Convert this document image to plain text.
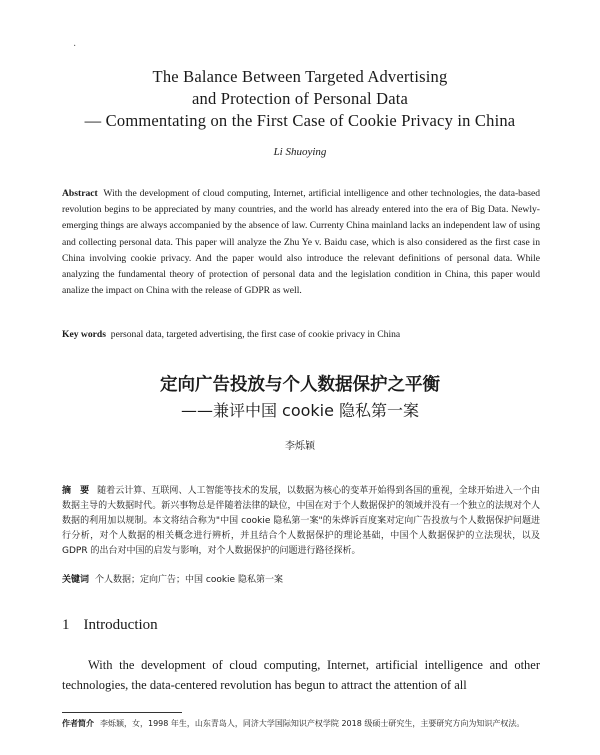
·
The Balance Between Targeted Advertising
and Protection of Personal Data
— Commentating on the First Case of Cookie Privacy in China
Li Shuoying
Abstract With the development of cloud computing, Internet, artificial intelligence and other technologies, the data-based revolution begins to be appreciated by many countries, and the world has already entered into the era of Big Data. Newly-emerging things are always accompanied by the absence of law. Currenty China mainland lacks an independent law of using and collecting personal data. This paper will analyze the Zhu Ye v. Baidu case, which is also considered as the first case in China involving cookie privacy. And the paper would also introduce the relevant definitions of personal data. While analyzing the fundamental theory of protection of personal data and the legislation condition in China, this paper would analize the impact on China with the release of GDPR as well.
Key words personal data, targeted advertising, the first case of cookie privacy in China
定向广告投放与个人数据保护之平衡
——兼评中国 cookie 隐私第一案
李烁颖
摘　要 随着云计算、互联网、人工智能等技术的发展，以数据为核心的变革开始得到各国的重视，全球开始进入一个由数据主导的大数据时代。新兴事物总是伴随着法律的缺位，中国在对于个人数据保护的领域并没有一个独立的法规对个人数据的利用加以规制。本文将结合称为"中国 cookie 隐私第一案"的朱烨诉百度案对定向广告投放与个人数据保护问题进行分析，对个人数据的相关概念进行辨析，并且结合个人数据保护的理论基础，中国个人数据保护的立法现状，以及 GDPR 的出台对中国的启发与影响，对个人数据保护的问题进行路径探析。
关键词 个人数据；定向广告；中国 cookie 隐私第一案
1 Introduction
With the development of cloud computing, Internet, artificial intelligence and other technologies, the data-centered revolution has begun to attract the attention of all
作者简介 李烁颖，女，1998 年生，山东青岛人，同济大学国际知识产权学院 2018 级硕士研究生，主要研究方向为知识产权法。
